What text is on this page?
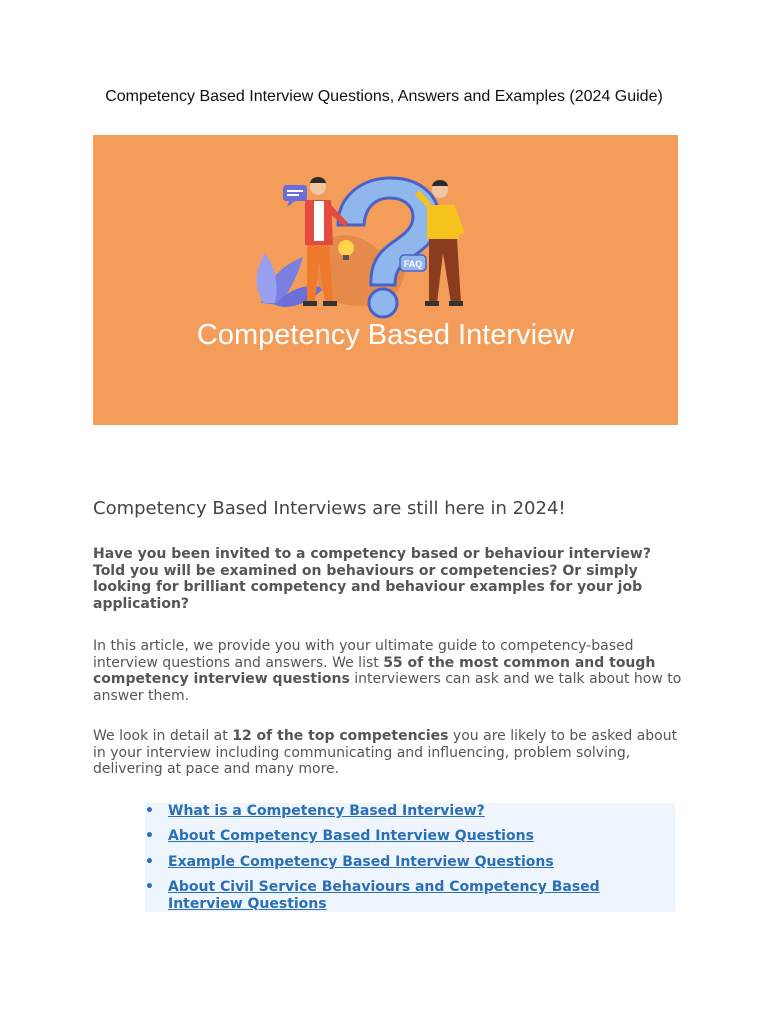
Competency Based Interview Questions, Answers and Examples (2024 Guide)
FAQ

Competency Based Interview

Competency Based Interviews are still here in 2024!

Have you been invited to a competency based or behaviour interview? Told you will be examined on behaviours or competencies? Or simply looking for brilliant competency and behaviour examples for your job application?

In this article, we provide you with your ultimate guide to competency-based interview questions and answers. We list 55 of the most common and tough competency interview questions interviewers can ask and we talk about how to answer them.

We look in detail at 12 of the top competencies you are likely to be asked about in your interview including communicating and influencing, problem solving, delivering at pace and many more.

• What is a Competency Based Interview?
• About Competency Based Interview Questions
• Example Competency Based Interview Questions
• About Civil Service Behaviours and Competency Based Interview Questions
